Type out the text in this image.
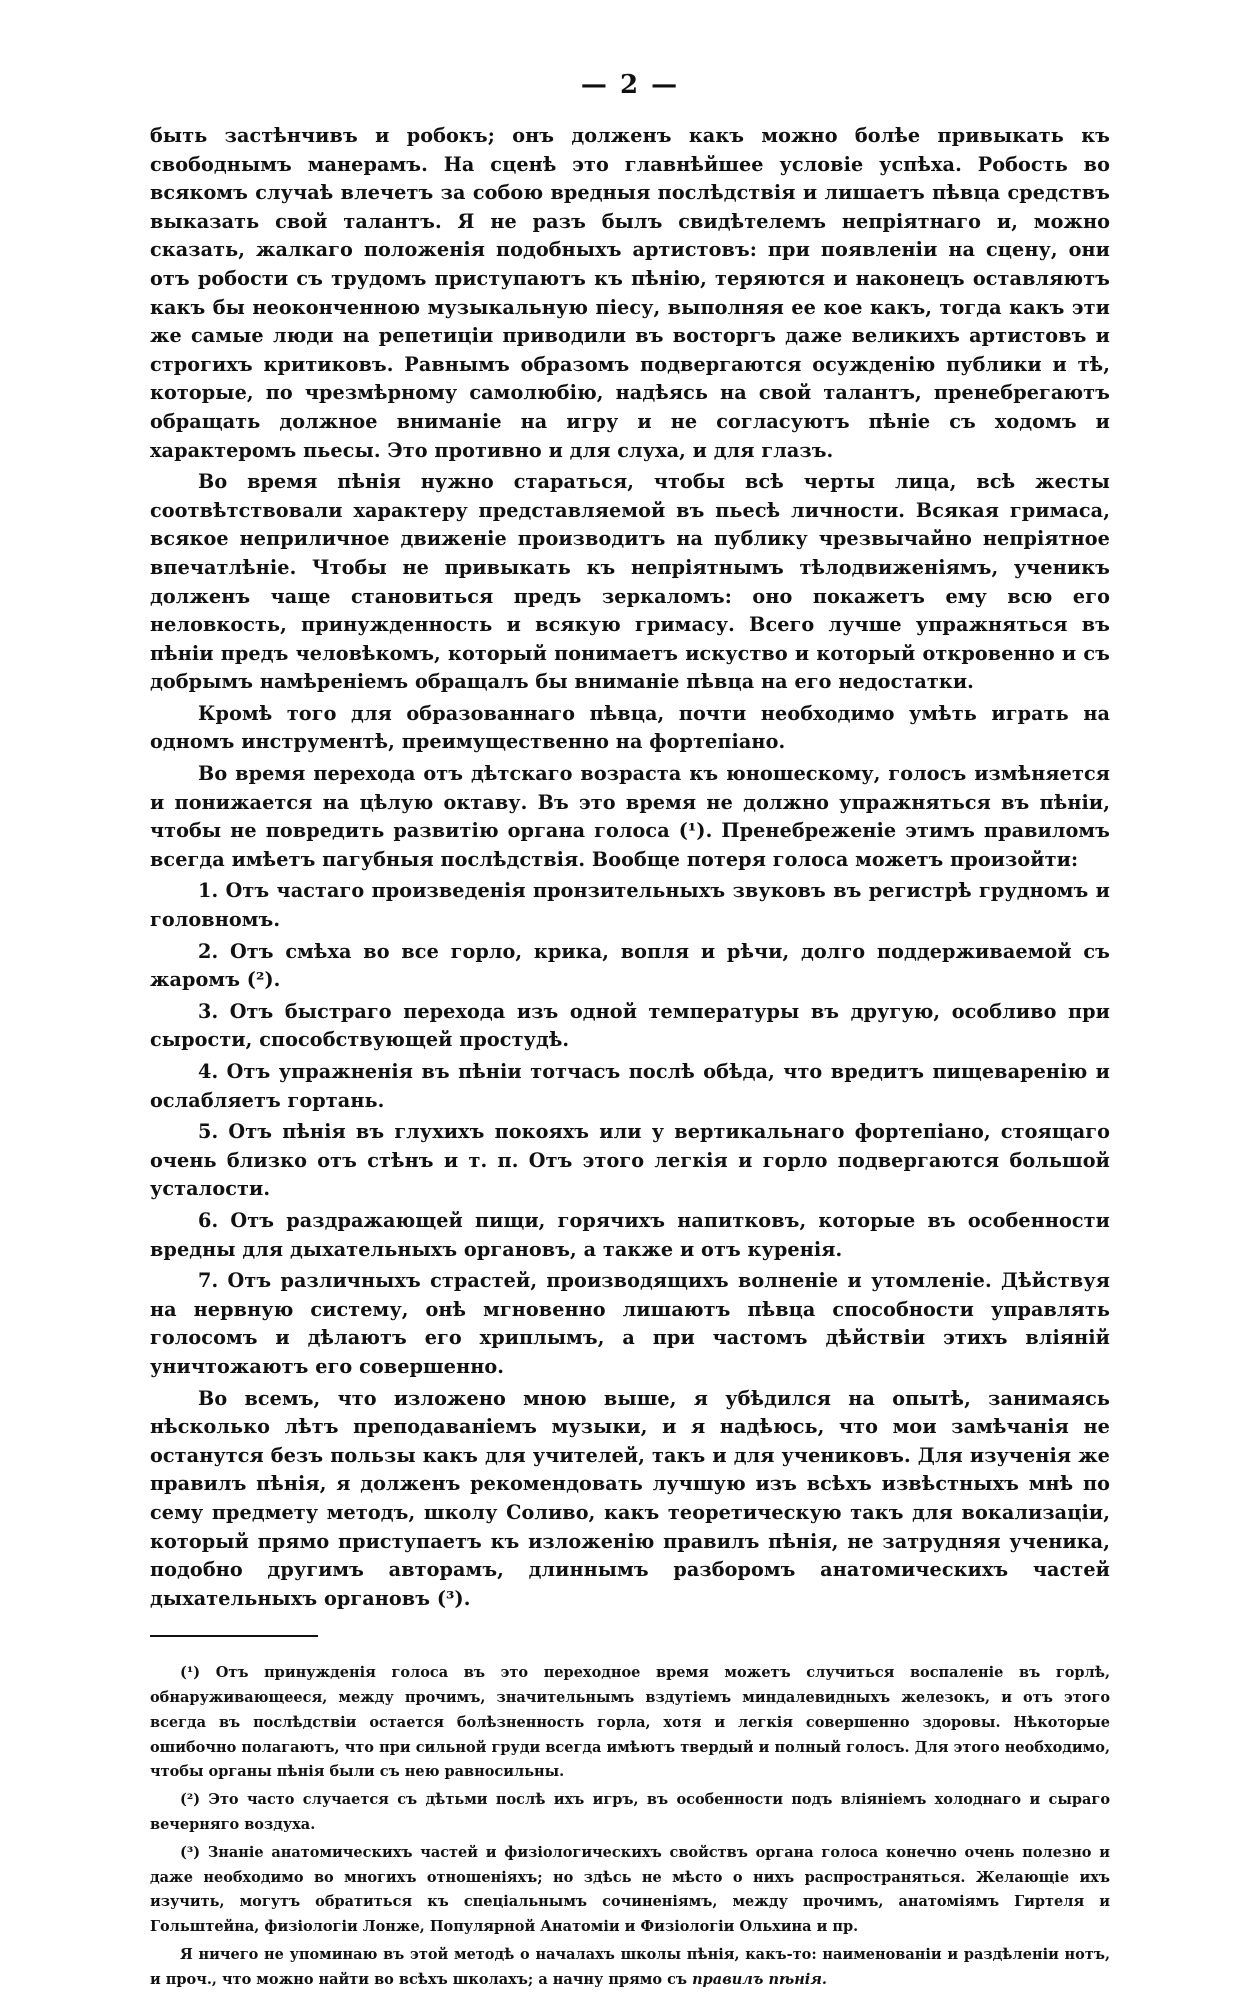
— 2 —

быть застѣнчивъ и робокъ; онъ долженъ какъ можно болѣе привыкать къ свободнымъ манерамъ. На сценѣ это главнѣйшее условіе успѣха. Робость во всякомъ случаѣ влечетъ за собою вредныя послѣдствія и лишаетъ пѣвца средствъ выказать свой талантъ. Я не разъ былъ свидѣтелемъ непріятнаго и, можно сказать, жалкаго положенія подобныхъ артистовъ: при появленіи на сцену, они отъ робости съ трудомъ приступаютъ къ пѣнію, теряются и наконецъ оставляютъ какъ бы неоконченною музыкальную піесу, выполняя ее кое какъ, тогда какъ эти же самые люди на репетиціи приводили въ восторгъ даже великихъ артистовъ и строгихъ критиковъ. Равнымъ образомъ подвергаются осужденію публики и тѣ, которые, по чрезмѣрному самолюбію, надѣясь на свой талантъ, пренебрегаютъ обращать должное вниманіе на игру и не согласуютъ пѣніе съ ходомъ и характеромъ пьесы. Это противно и для слуха, и для глазъ.

Во время пѣнія нужно стараться, чтобы всѣ черты лица, всѣ жесты соотвѣтствовали характеру представляемой въ пьесѣ личности. Всякая гримаса, всякое неприличное движеніе производитъ на публику чрезвычайно непріятное впечатлѣніе. Чтобы не привыкать къ непріятнымъ тѣлодвиженіямъ, ученикъ долженъ чаще становиться предъ зеркаломъ: оно покажетъ ему всю его неловкость, принужденность и всякую гримасу. Всего лучше упражняться въ пѣніи предъ человѣкомъ, который понимаетъ искуство и который откровенно и съ добрымъ намѣреніемъ обращалъ бы вниманіе пѣвца на его недостатки.

Кромѣ того для образованнаго пѣвца, почти необходимо умѣть играть на одномъ инструментѣ, преимущественно на фортепіано.

Во время перехода отъ дѣтскаго возраста къ юношескому, голосъ измѣняется и понижается на цѣлую октаву. Въ это время не должно упражняться въ пѣніи, чтобы не повредить развитію органа голоса (¹). Пренебреженіе этимъ правиломъ всегда имѣетъ пагубныя послѣдствія. Вообще потеря голоса можетъ произойти:

1. Отъ частаго произведенія пронзительныхъ звуковъ въ регистрѣ грудномъ и головномъ.

2. Отъ смѣха во все горло, крика, вопля и рѣчи, долго поддерживаемой съ жаромъ (²).

3. Отъ быстраго перехода изъ одной температуры въ другую, особливо при сырости, способствующей простудѣ.

4. Отъ упражненія въ пѣніи тотчасъ послѣ обѣда, что вредитъ пищеваренію и ослабляетъ гортань.

5. Отъ пѣнія въ глухихъ покояхъ или у вертикальнаго фортепіано, стоящаго очень близко отъ стѣнъ и т. п. Отъ этого легкія и горло подвергаются большой усталости.

6. Отъ раздражающей пищи, горячихъ напитковъ, которые въ особенности вредны для дыхательныхъ органовъ, а также и отъ куренія.

7. Отъ различныхъ страстей, производящихъ волненіе и утомленіе. Дѣйствуя на нервную систему, онѣ мгновенно лишаютъ пѣвца способности управлять голосомъ и дѣлаютъ его хриплымъ, а при частомъ дѣйствіи этихъ вліяній уничтожаютъ его совершенно.

Во всемъ, что изложено мною выше, я убѣдился на опытѣ, занимаясь нѣсколько лѣтъ преподаваніемъ музыки, и я надѣюсь, что мои замѣчанія не останутся безъ пользы какъ для учителей, такъ и для учениковъ. Для изученія же правилъ пѣнія, я долженъ рекомендовать лучшую изъ всѣхъ извѣстныхъ мнѣ по сему предмету методъ, школу Соливо, какъ теоретическую такъ для вокализаціи, который прямо приступаетъ къ изложенію правилъ пѣнія, не затрудняя ученика, подобно другимъ авторамъ, длиннымъ разборомъ анатомическихъ частей дыхательныхъ органовъ (³).

(¹) Отъ принужденія голоса въ это переходное время можетъ случиться воспаленіе въ горлѣ, обнаруживающееся, между прочимъ, значительнымъ вздутіемъ миндалевидныхъ железокъ, и отъ этого всегда въ послѣдствіи остается болѣзненность горла, хотя и легкія совершенно здоровы. Нѣкоторые ошибочно полагаютъ, что при сильной груди всегда имѣютъ твердый и полный голосъ. Для этого необходимо, чтобы органы пѣнія были съ нею равносильны.

(²) Это часто случается съ дѣтьми послѣ ихъ игръ, въ особенности подъ вліяніемъ холоднаго и сыраго вечерняго воздуха.

(³) Знаніе анатомическихъ частей и физіологическихъ свойствъ органа голоса конечно очень полезно и даже необходимо во многихъ отношеніяхъ; но здѣсь не мѣсто о нихъ распространяться. Желающіе ихъ изучить, могутъ обратиться къ спеціальнымъ сочиненіямъ, между прочимъ, анатоміямъ Гиртеля и Гольштейна, физіологіи Лонже, Популярной Анатоміи и Физіологіи Ольхина и пр.

Я ничего не упоминаю въ этой методѣ о началахъ школы пѣнія, какъ-то: наименованіи и раздѣленіи нотъ, и проч., что можно найти во всѣхъ школахъ; а начну прямо съ правилъ пѣнія.
